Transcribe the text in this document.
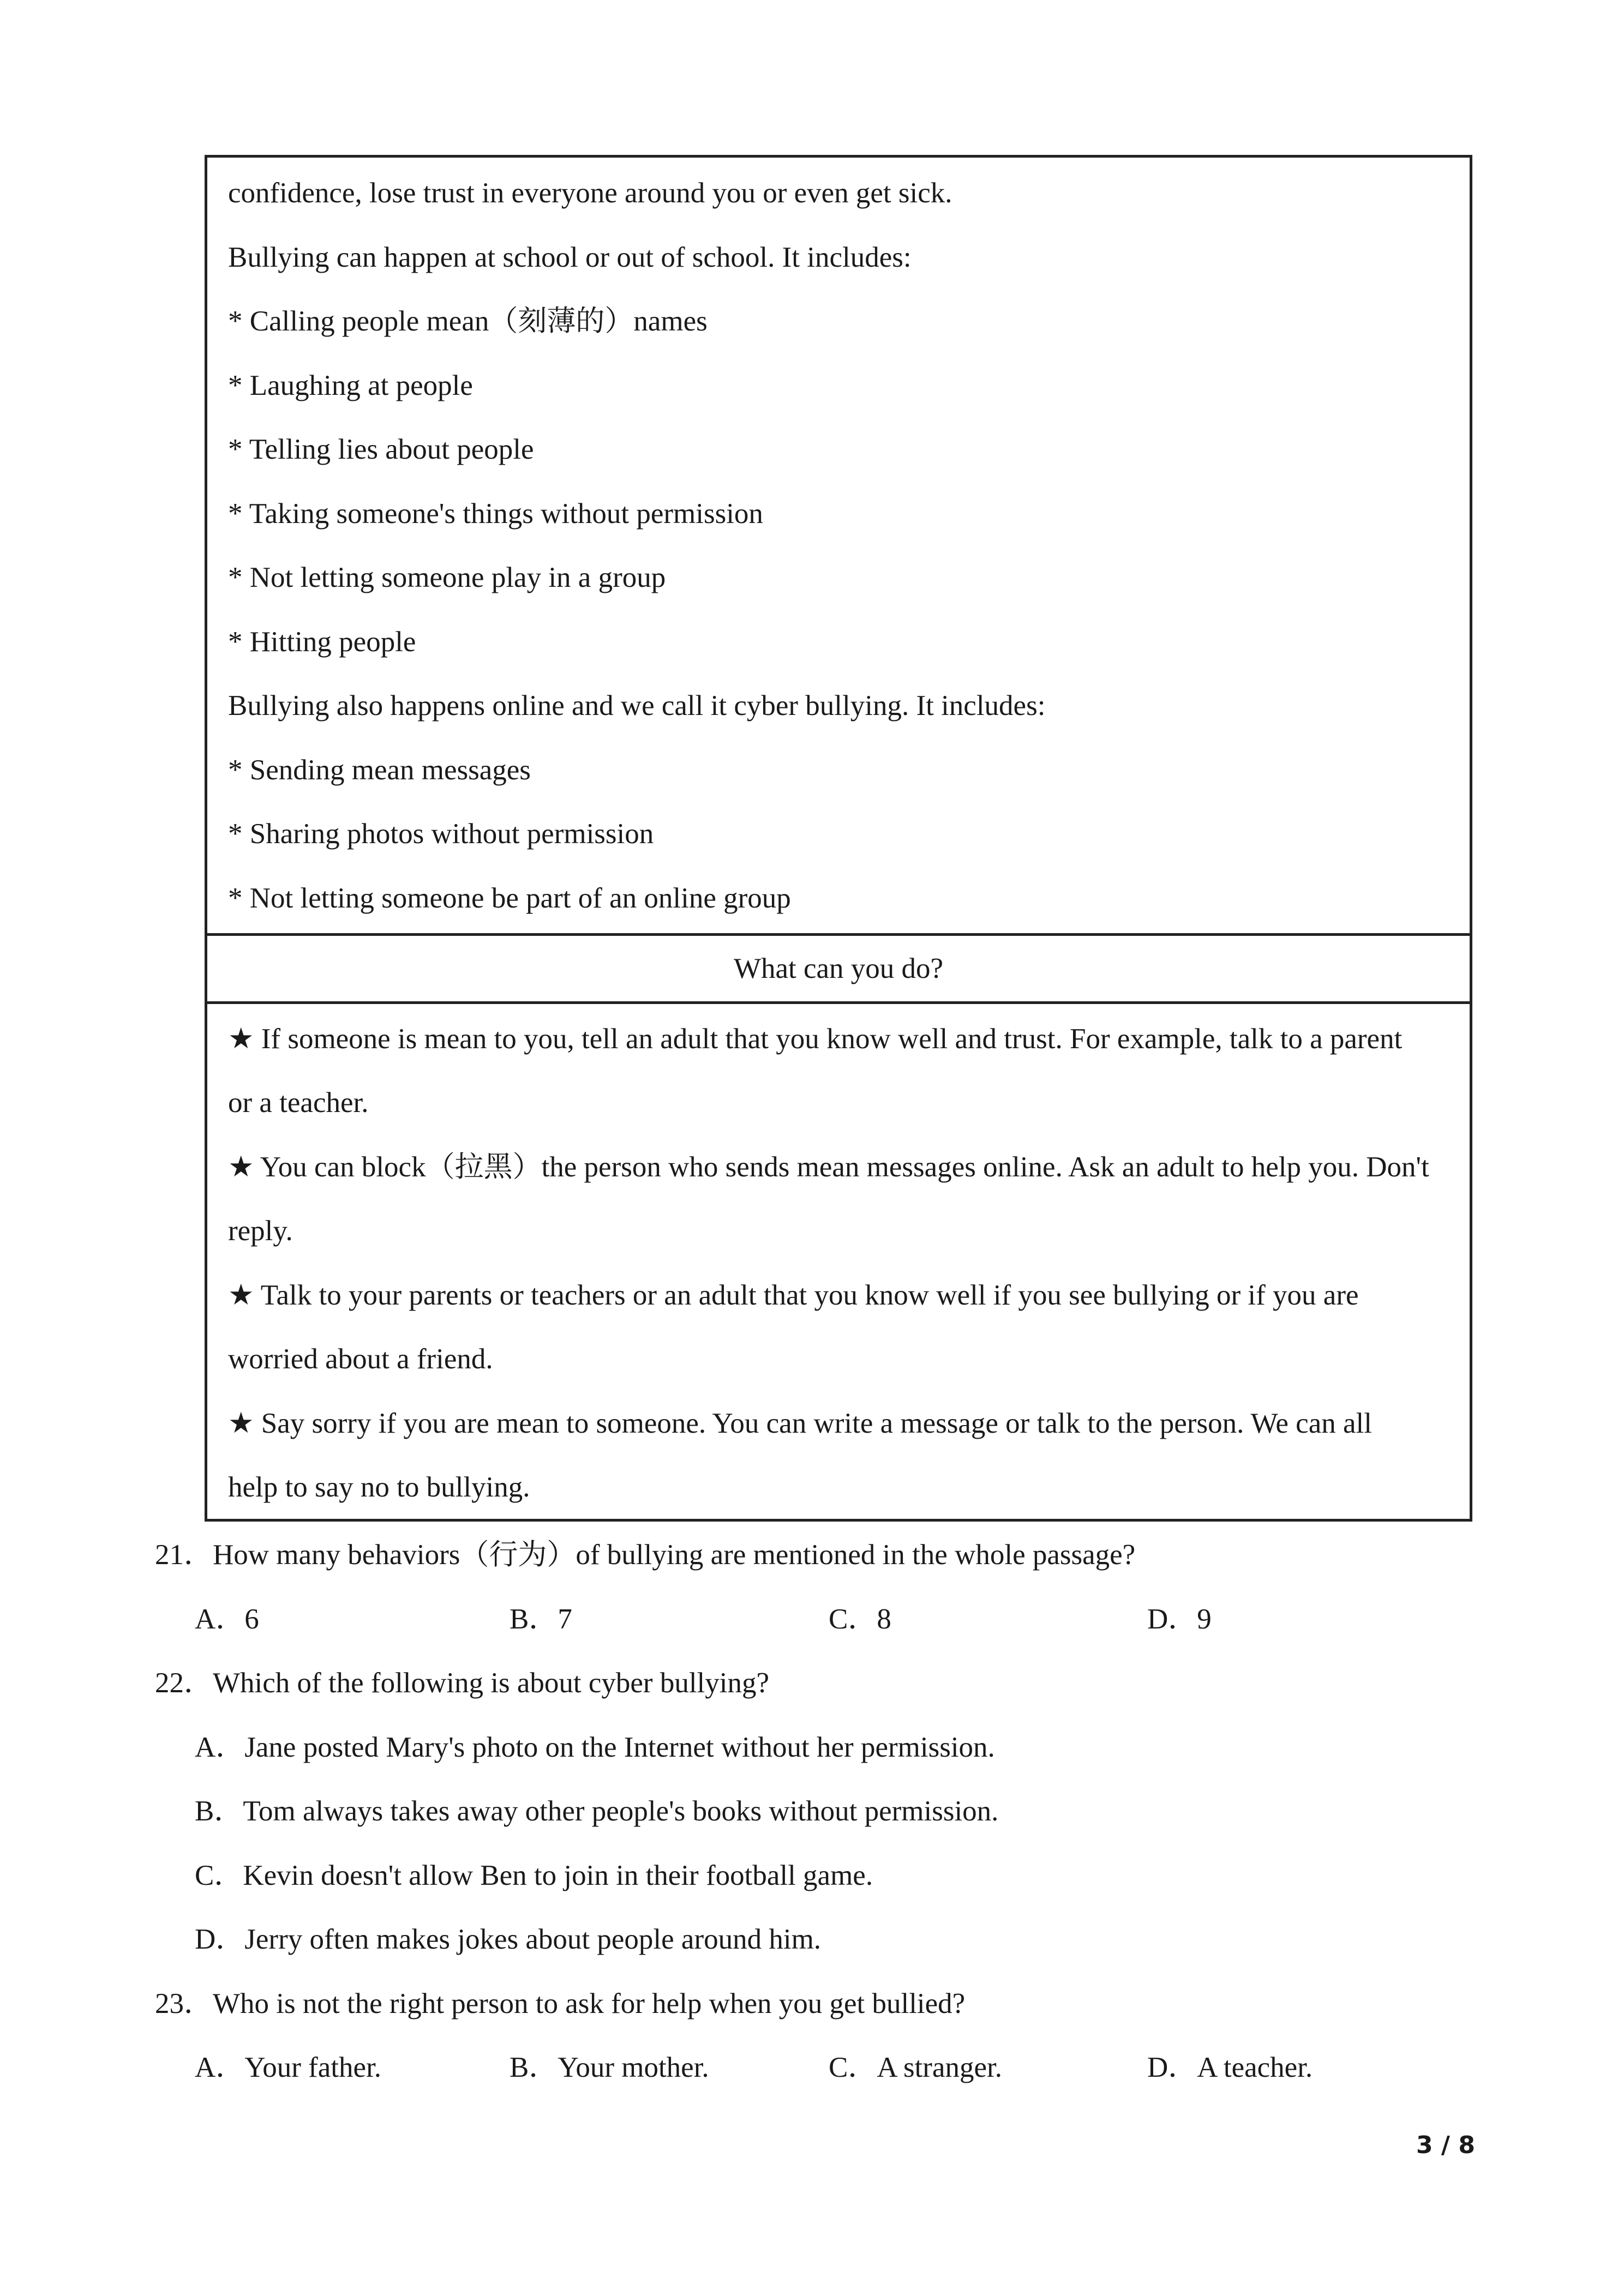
confidence, lose trust in everyone around you or even get sick.
Bullying can happen at school or out of school. It includes:
* Calling people mean（刻薄的）names
* Laughing at people
* Telling lies about people
* Taking someone's things without permission
* Not letting someone play in a group
* Hitting people
Bullying also happens online and we call it cyber bullying. It includes:
* Sending mean messages
* Sharing photos without permission
* Not letting someone be part of an online group
What can you do?
★ If someone is mean to you, tell an adult that you know well and trust. For example, talk to a parent
or a teacher.
★ You can block（拉黑）the person who sends mean messages online. Ask an adult to help you. Don't
reply.
★ Talk to your parents or teachers or an adult that you know well if you see bullying or if you are
worried about a friend.
★ Say sorry if you are mean to someone. You can write a message or talk to the person. We can all
help to say no to bullying.
21．How many behaviors（行为）of bullying are mentioned in the whole passage?
A．6	B．7	C．8	D．9
22．Which of the following is about cyber bullying?
A．Jane posted Mary's photo on the Internet without her permission.
B．Tom always takes away other people's books without permission.
C．Kevin doesn't allow Ben to join in their football game.
D．Jerry often makes jokes about people around him.
23．Who is not the right person to ask for help when you get bullied?
A．Your father.	B．Your mother.	C．A stranger.	D．A teacher.
3 / 8
